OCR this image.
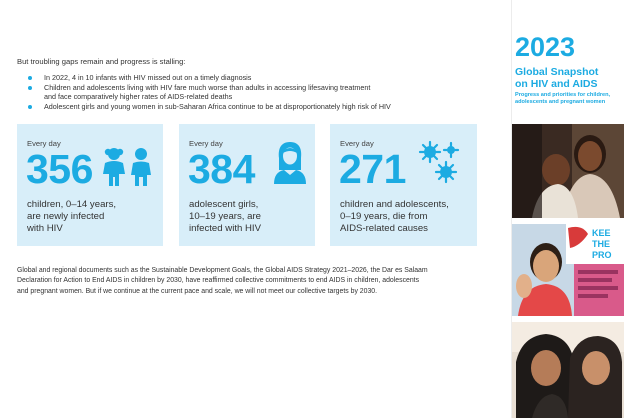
But troubling gaps remain and progress is stalling:
In 2022, 4 in 10 infants with HIV missed out on a timely diagnosis
Children and adolescents living with HIV fare much worse than adults in accessing lifesaving treatment
and face comparatively higher rates of AIDS-related deaths
Adolescent girls and young women in sub-Saharan Africa continue to be at disproportionately high risk of HIV
Every day
356
children, 0–14 years,
are newly infected
with HIV
Every day
384
adolescent girls,
10–19 years, are
infected with HIV
Every day
271
children and adolescents,
0–19 years, die from
AIDS-related causes
Global and regional documents such as the Sustainable Development Goals, the Global AIDS Strategy 2021–2026, the Dar es Salaam
Declaration for Action to End AIDS in children by 2030, have reaffirmed collective commitments to end AIDS in children, adolescents
and pregnant women. But if we continue at the current pace and scale, we will not meet our collective targets by 2030.
2023
Global Snapshot
on HIV and AIDS
Progress and priorities for children,
adolescents and pregnant women
KEE
THE PRO
